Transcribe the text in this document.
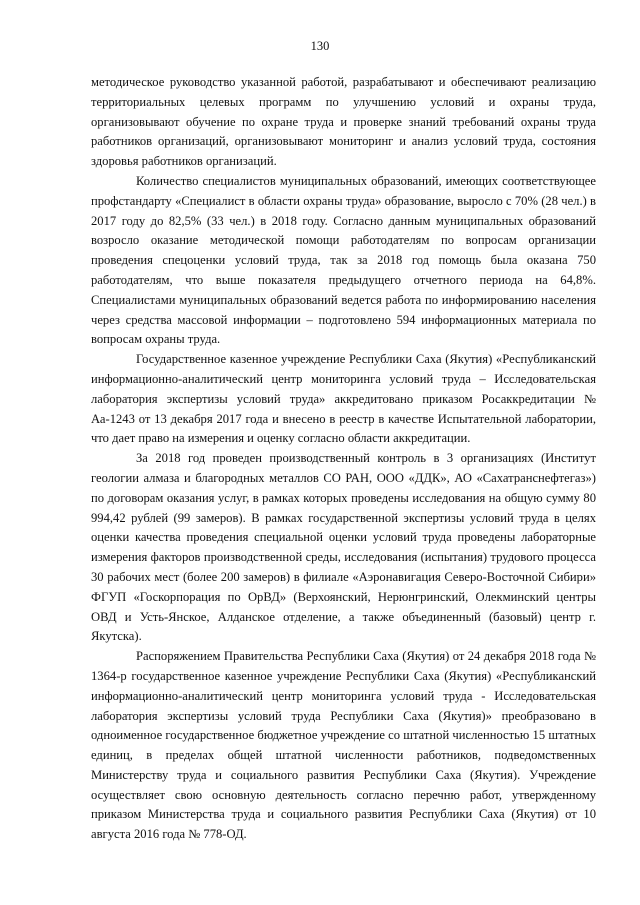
130

методическое руководство указанной работой, разрабатывают и обеспечивают реализацию территориальных целевых программ по улучшению условий и охраны труда, организовывают обучение по охране труда и проверке знаний требований охраны труда работников организаций, организовывают мониторинг и анализ условий труда, состояния здоровья работников организаций.

Количество специалистов муниципальных образований, имеющих соответствующее профстандарту «Специалист в области охраны труда» образование, выросло с 70% (28 чел.) в 2017 году до 82,5% (33 чел.) в 2018 году. Согласно данным муниципальных образований возросло оказание методической помощи работодателям по вопросам организации проведения спецоценки условий труда, так за 2018 год помощь была оказана 750 работодателям, что выше показателя предыдущего отчетного периода на 64,8%. Специалистами муниципальных образований ведется работа по информированию населения через средства массовой информации – подготовлено 594 информационных материала по вопросам охраны труда.

Государственное казенное учреждение Республики Саха (Якутия) «Республиканский информационно-аналитический центр мониторинга условий труда – Исследовательская лаборатория экспертизы условий труда» аккредитовано приказом Росаккредитации № Аа-1243 от 13 декабря 2017 года и внесено в реестр в качестве Испытательной лаборатории, что дает право на измерения и оценку согласно области аккредитации.

За 2018 год проведен производственный контроль в 3 организациях (Институт геологии алмаза и благородных металлов СО РАН, ООО «ДДК», АО «Сахатранснефтегаз») по договорам оказания услуг, в рамках которых проведены исследования на общую сумму 80 994,42 рублей (99 замеров). В рамках государственной экспертизы условий труда в целях оценки качества проведения специальной оценки условий труда проведены лабораторные измерения факторов производственной среды, исследования (испытания) трудового процесса 30 рабочих мест (более 200 замеров) в филиале «Аэронавигация Северо-Восточной Сибири» ФГУП «Госкорпорация по ОрВД» (Верхоянский, Нерюнгринский, Олекминский центры ОВД и Усть-Янское, Алданское отделение, а также объединенный (базовый) центр г. Якутска).

Распоряжением Правительства Республики Саха (Якутия) от 24 декабря 2018 года № 1364-р государственное казенное учреждение Республики Саха (Якутия) «Республиканский информационно-аналитический центр мониторинга условий труда - Исследовательская лаборатория экспертизы условий труда Республики Саха (Якутия)» преобразовано в одноименное государственное бюджетное учреждение со штатной численностью 15 штатных единиц, в пределах общей штатной численности работников, подведомственных Министерству труда и социального развития Республики Саха (Якутия). Учреждение осуществляет свою основную деятельность согласно перечню работ, утвержденному приказом Министерства труда и социального развития Республики Саха (Якутия) от 10 августа 2016 года № 778-ОД.
